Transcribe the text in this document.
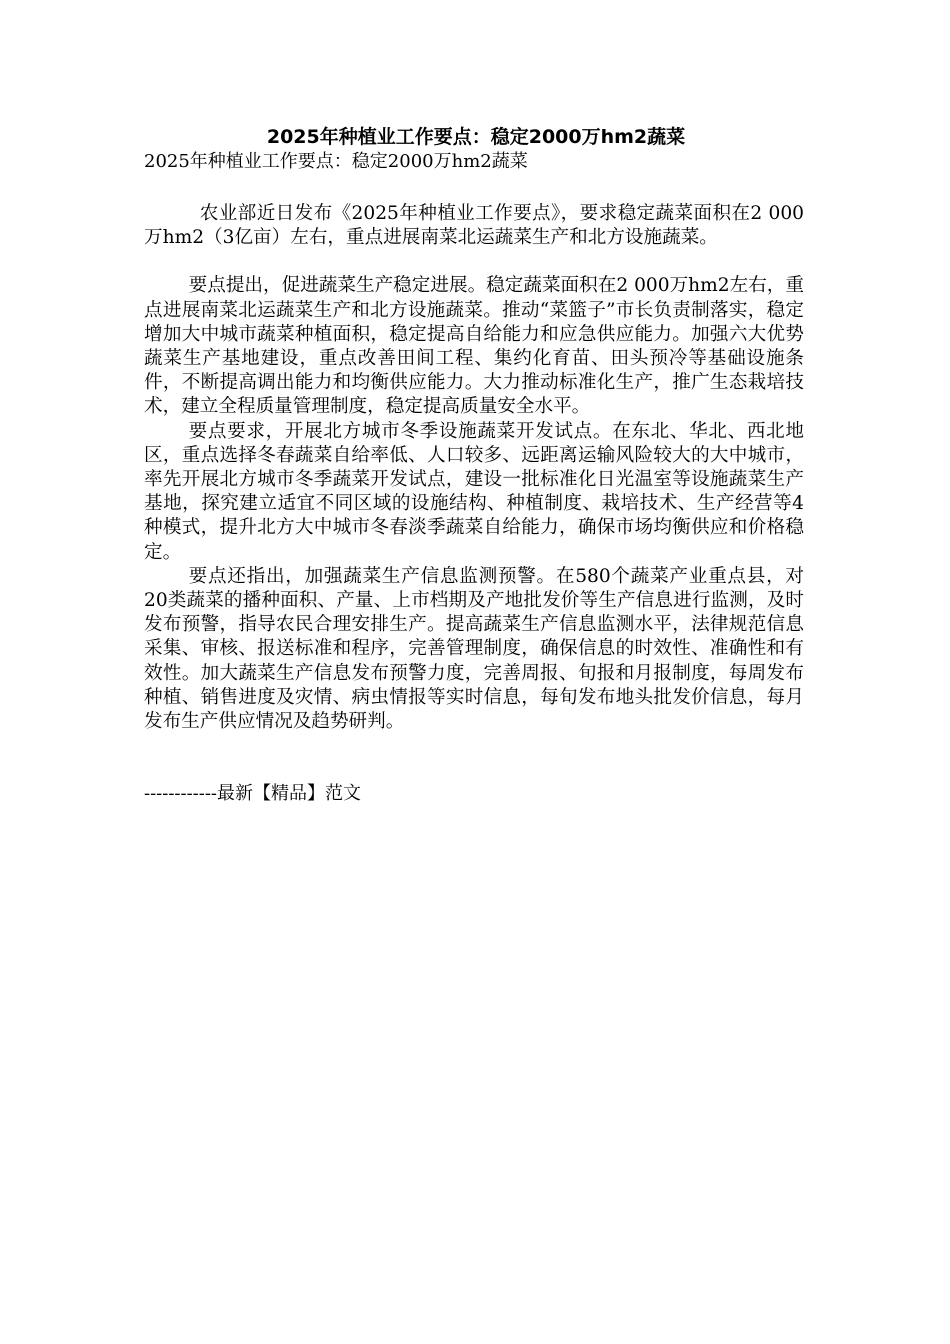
2025年种植业工作要点：稳定2000万hm2蔬菜

2025年种植业工作要点：稳定2000万hm2蔬菜

农业部近日发布《2025年种植业工作要点》，要求稳定蔬菜面积在2 000万hm2（3亿亩）左右，重点进展南菜北运蔬菜生产和北方设施蔬菜。

要点提出，促进蔬菜生产稳定进展。稳定蔬菜面积在2 000万hm2左右，重点进展南菜北运蔬菜生产和北方设施蔬菜。推动“菜篮子”市长负责制落实，稳定增加大中城市蔬菜种植面积，稳定提高自给能力和应急供应能力。加强六大优势蔬菜生产基地建设，重点改善田间工程、集约化育苗、田头预冷等基础设施条件，不断提高调出能力和均衡供应能力。大力推动标准化生产，推广生态栽培技术，建立全程质量管理制度，稳定提高质量安全水平。

要点要求，开展北方城市冬季设施蔬菜开发试点。在东北、华北、西北地区，重点选择冬春蔬菜自给率低、人口较多、远距离运输风险较大的大中城市，率先开展北方城市冬季蔬菜开发试点，建设一批标准化日光温室等设施蔬菜生产基地，探究建立适宜不同区域的设施结构、种植制度、栽培技术、生产经营等4种模式，提升北方大中城市冬春淡季蔬菜自给能力，确保市场均衡供应和价格稳定。

要点还指出，加强蔬菜生产信息监测预警。在580个蔬菜产业重点县，对20类蔬菜的播种面积、产量、上市档期及产地批发价等生产信息进行监测，及时发布预警，指导农民合理安排生产。提高蔬菜生产信息监测水平，法律规范信息采集、审核、报送标准和程序，完善管理制度，确保信息的时效性、准确性和有效性。加大蔬菜生产信息发布预警力度，完善周报、旬报和月报制度，每周发布种植、销售进度及灾情、病虫情报等实时信息，每旬发布地头批发价信息，每月发布生产供应情况及趋势研判。

------------最新【精品】范文
